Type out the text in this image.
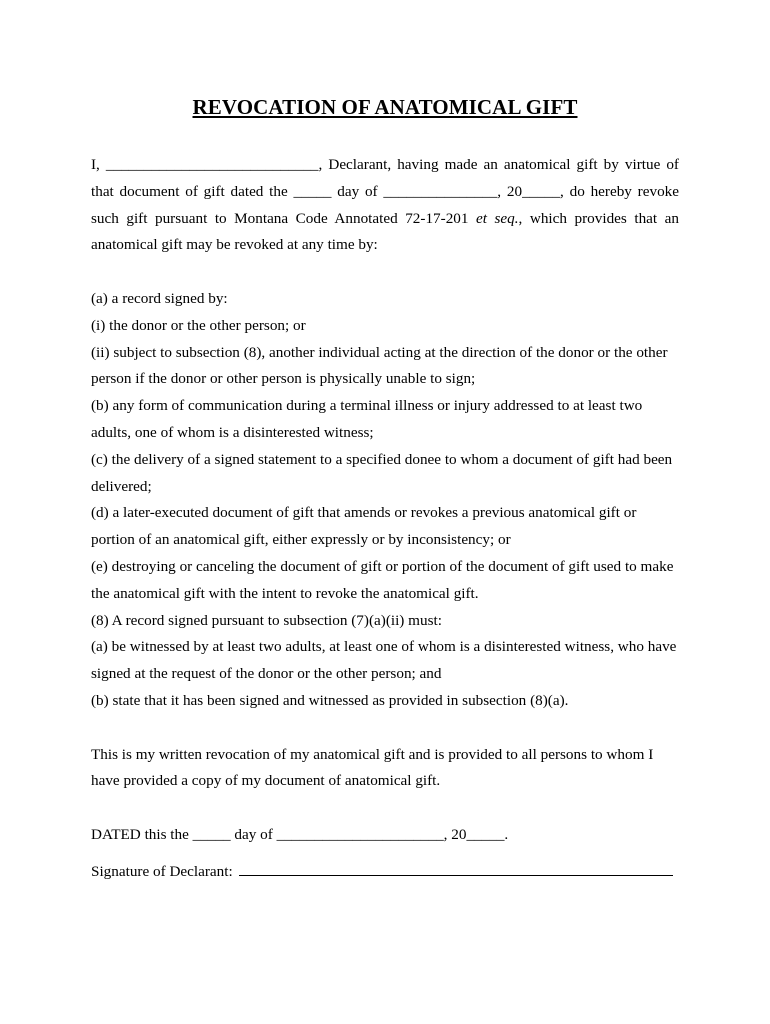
REVOCATION OF ANATOMICAL GIFT
I, ____________________________, Declarant, having made an anatomical gift by virtue of that document of gift dated the _____ day of _______________, 20_____, do hereby revoke such gift pursuant to Montana Code Annotated 72-17-201 et seq., which provides that an anatomical gift may be revoked at any time by:
(a) a record signed by:
(i) the donor or the other person; or
(ii) subject to subsection (8), another individual acting at the direction of the donor or the other
person if the donor or other person is physically unable to sign;
(b) any form of communication during a terminal illness or injury addressed to at least two
adults, one of whom is a disinterested witness;
(c) the delivery of a signed statement to a specified donee to whom a document of gift had been
delivered;
(d) a later-executed document of gift that amends or revokes a previous anatomical gift or
portion of an anatomical gift, either expressly or by inconsistency; or
(e) destroying or canceling the document of gift or portion of the document of gift used to make
the anatomical gift with the intent to revoke the anatomical gift.
(8) A record signed pursuant to subsection (7)(a)(ii) must:
(a) be witnessed by at least two adults, at least one of whom is a disinterested witness, who have
signed at the request of the donor or the other person; and
(b) state that it has been signed and witnessed as provided in subsection (8)(a).
This is my written revocation of my anatomical gift and is provided to all persons to whom I
have provided a copy of my document of anatomical gift.
DATED this the _____ day of ______________________, 20_____.
Signature of Declarant:
